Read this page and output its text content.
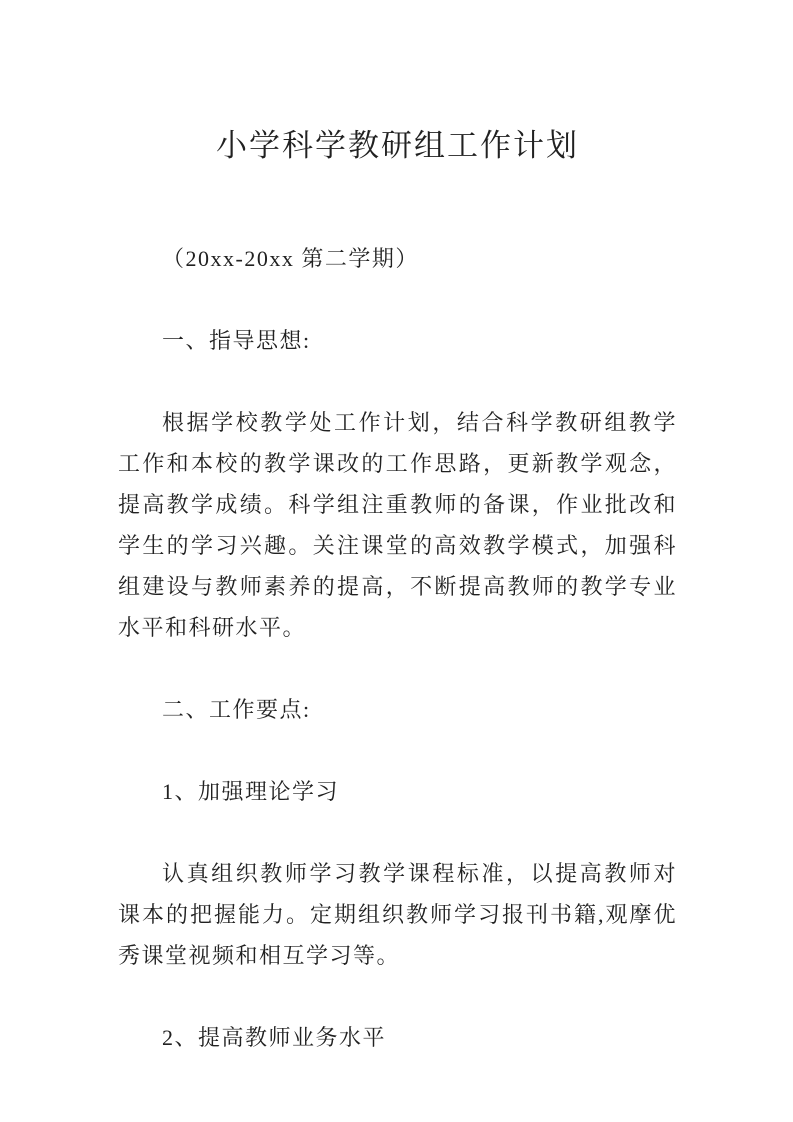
小学科学教研组工作计划

（20xx-20xx 第二学期）

一、指导思想:

根据学校教学处工作计划，结合科学教研组教学工作和本校的教学课改的工作思路，更新教学观念，提高教学成绩。科学组注重教师的备课，作业批改和学生的学习兴趣。关注课堂的高效教学模式，加强科组建设与教师素养的提高，不断提高教师的教学专业水平和科研水平。

二、工作要点:

1、加强理论学习

认真组织教师学习教学课程标准，以提高教师对课本的把握能力。定期组织教师学习报刊书籍,观摩优秀课堂视频和相互学习等。

2、提高教师业务水平
